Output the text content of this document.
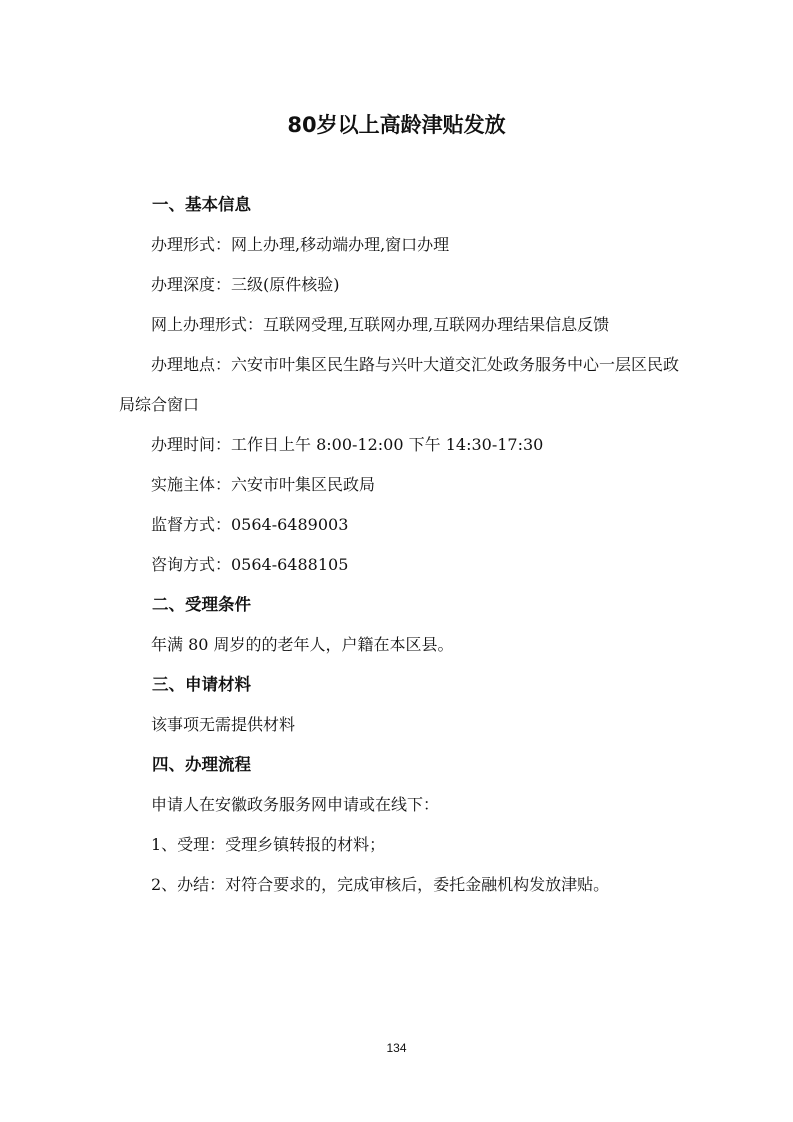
80岁以上高龄津贴发放

一、基本信息

办理形式：网上办理,移动端办理,窗口办理

办理深度：三级(原件核验)

网上办理形式：互联网受理,互联网办理,互联网办理结果信息反馈

办理地点：六安市叶集区民生路与兴叶大道交汇处政务服务中心一层区民政局综合窗口

办理时间：工作日上午 8:00-12:00 下午 14:30-17:30

实施主体：六安市叶集区民政局

监督方式：0564-6489003

咨询方式：0564-6488105

二、受理条件

年满 80 周岁的的老年人，户籍在本区县。

三、申请材料

该事项无需提供材料

四、办理流程

申请人在安徽政务服务网申请或在线下：

1、受理：受理乡镇转报的材料；

2、办结：对符合要求的，完成审核后，委托金融机构发放津贴。

134
